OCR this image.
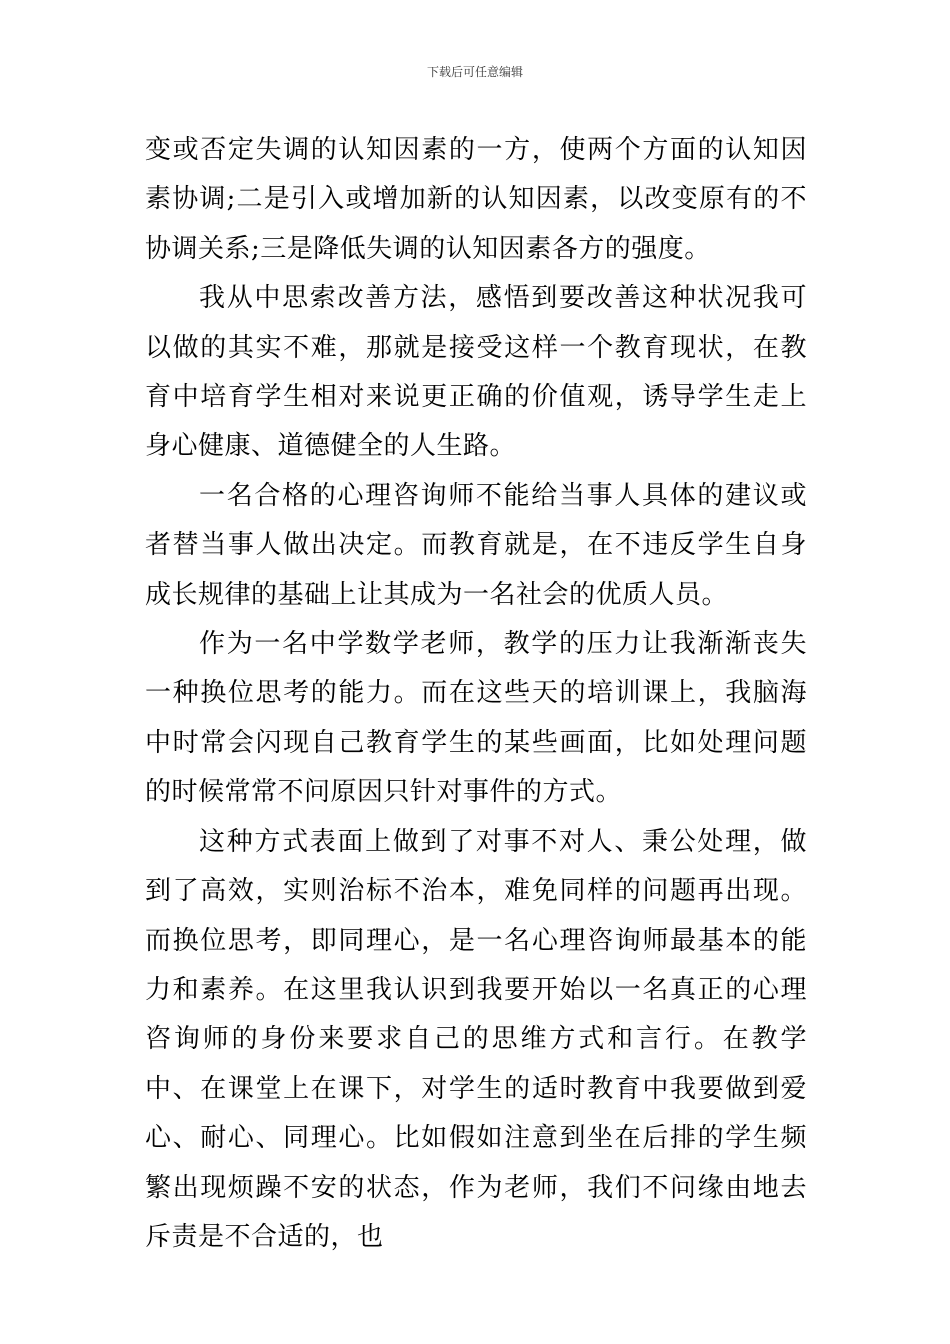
下载后可任意编辑

变或否定失调的认知因素的一方，使两个方面的认知因素协调;二是引入或增加新的认知因素，以改变原有的不协调关系;三是降低失调的认知因素各方的强度。

我从中思索改善方法，感悟到要改善这种状况我可以做的其实不难，那就是接受这样一个教育现状，在教育中培育学生相对来说更正确的价值观，诱导学生走上身心健康、道德健全的人生路。

一名合格的心理咨询师不能给当事人具体的建议或者替当事人做出决定。而教育就是，在不违反学生自身成长规律的基础上让其成为一名社会的优质人员。

作为一名中学数学老师，教学的压力让我渐渐丧失一种换位思考的能力。而在这些天的培训课上，我脑海中时常会闪现自己教育学生的某些画面，比如处理问题的时候常常不问原因只针对事件的方式。

这种方式表面上做到了对事不对人、秉公处理，做到了高效，实则治标不治本，难免同样的问题再出现。而换位思考，即同理心，是一名心理咨询师最基本的能力和素养。在这里我认识到我要开始以一名真正的心理咨询师的身份来要求自己的思维方式和言行。在教学中、在课堂上在课下，对学生的适时教育中我要做到爱心、耐心、同理心。比如假如注意到坐在后排的学生频繁出现烦躁不安的状态，作为老师，我们不问缘由地去斥责是不合适的，也
